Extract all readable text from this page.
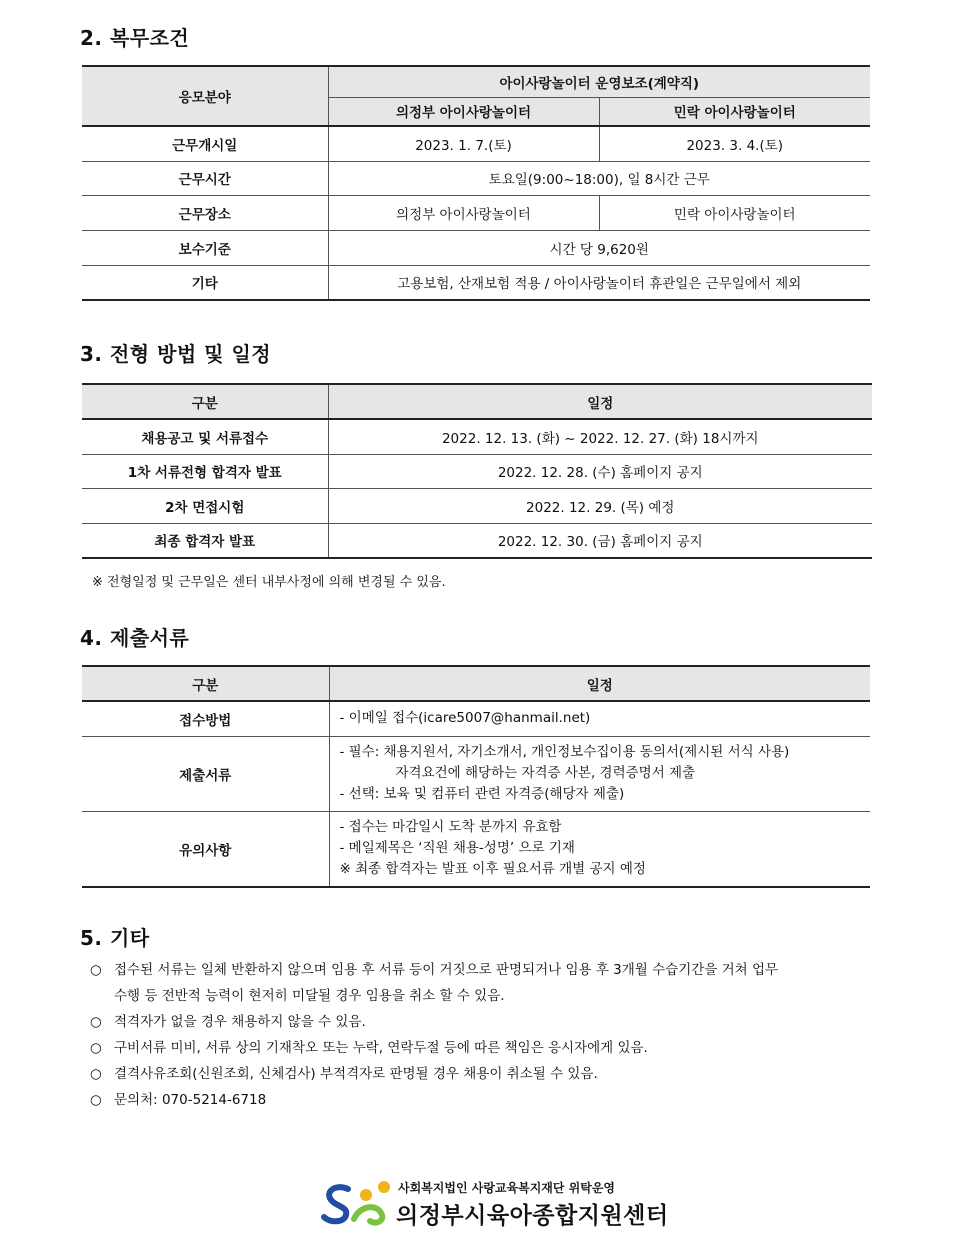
2. 복무조건
응모분야	아이사랑놀이터 운영보조(계약직)	
	의정부 아이사랑놀이터	민락 아이사랑놀이터
근무개시일	2023. 1. 7.(토)	2023. 3. 4.(토)
근무시간	토요일(9:00~18:00), 일 8시간 근무	
근무장소	의정부 아이사랑놀이터	민락 아이사랑놀이터
보수기준	시간 당 9,620원	
기타	고용보험, 산재보험 적용 / 아이사랑놀이터 휴관일은 근무일에서 제외	
3. 전형 방법 및 일정
구분	일정
채용공고 및 서류접수	2022. 12. 13. (화) ~ 2022. 12. 27. (화) 18시까지
1차 서류전형 합격자 발표	2022. 12. 28. (수) 홈페이지 공지
2차 면접시험	2022. 12. 29. (목) 예정
최종 합격자 발표	2022. 12. 30. (금) 홈페이지 공지
※ 전형일정 및 근무일은 센터 내부사정에 의해 변경될 수 있음.
4. 제출서류
구분	일정
접수방법	- 이메일 접수(icare5007@hanmail.net)
제출서류	- 필수: 채용지원서, 자기소개서, 개인정보수집이용 동의서(제시된 서식 사용)
자격요건에 해당하는 자격증 사본, 경력증명서 제출
- 선택: 보육 및 컴퓨터 관련 자격증(해당자 제출)

유의사항	- 접수는 마감일시 도착 분까지 유효함
- 메일제목은 ‘직원 채용-성명’ 으로 기재
※ 최종 합격자는 발표 이후 필요서류 개별 공지 예정
5. 기타
○ 접수된 서류는 일체 반환하지 않으며 임용 후 서류 등이 거짓으로 판명되거나 임용 후 3개월 수습기간을 거쳐 업무
수행 등 전반적 능력이 현저히 미달될 경우 임용을 취소 할 수 있음.
○ 적격자가 없을 경우 채용하지 않을 수 있음.
○ 구비서류 미비, 서류 상의 기재착오 또는 누락, 연락두절 등에 따른 책임은 응시자에게 있음.
○ 결격사유조회(신원조회, 신체검사) 부적격자로 판명될 경우 채용이 취소될 수 있음.
○ 문의처: 070-5214-6718
사회복지법인 사랑교육복지재단 위탁운영
의정부시육아종합지원센터
